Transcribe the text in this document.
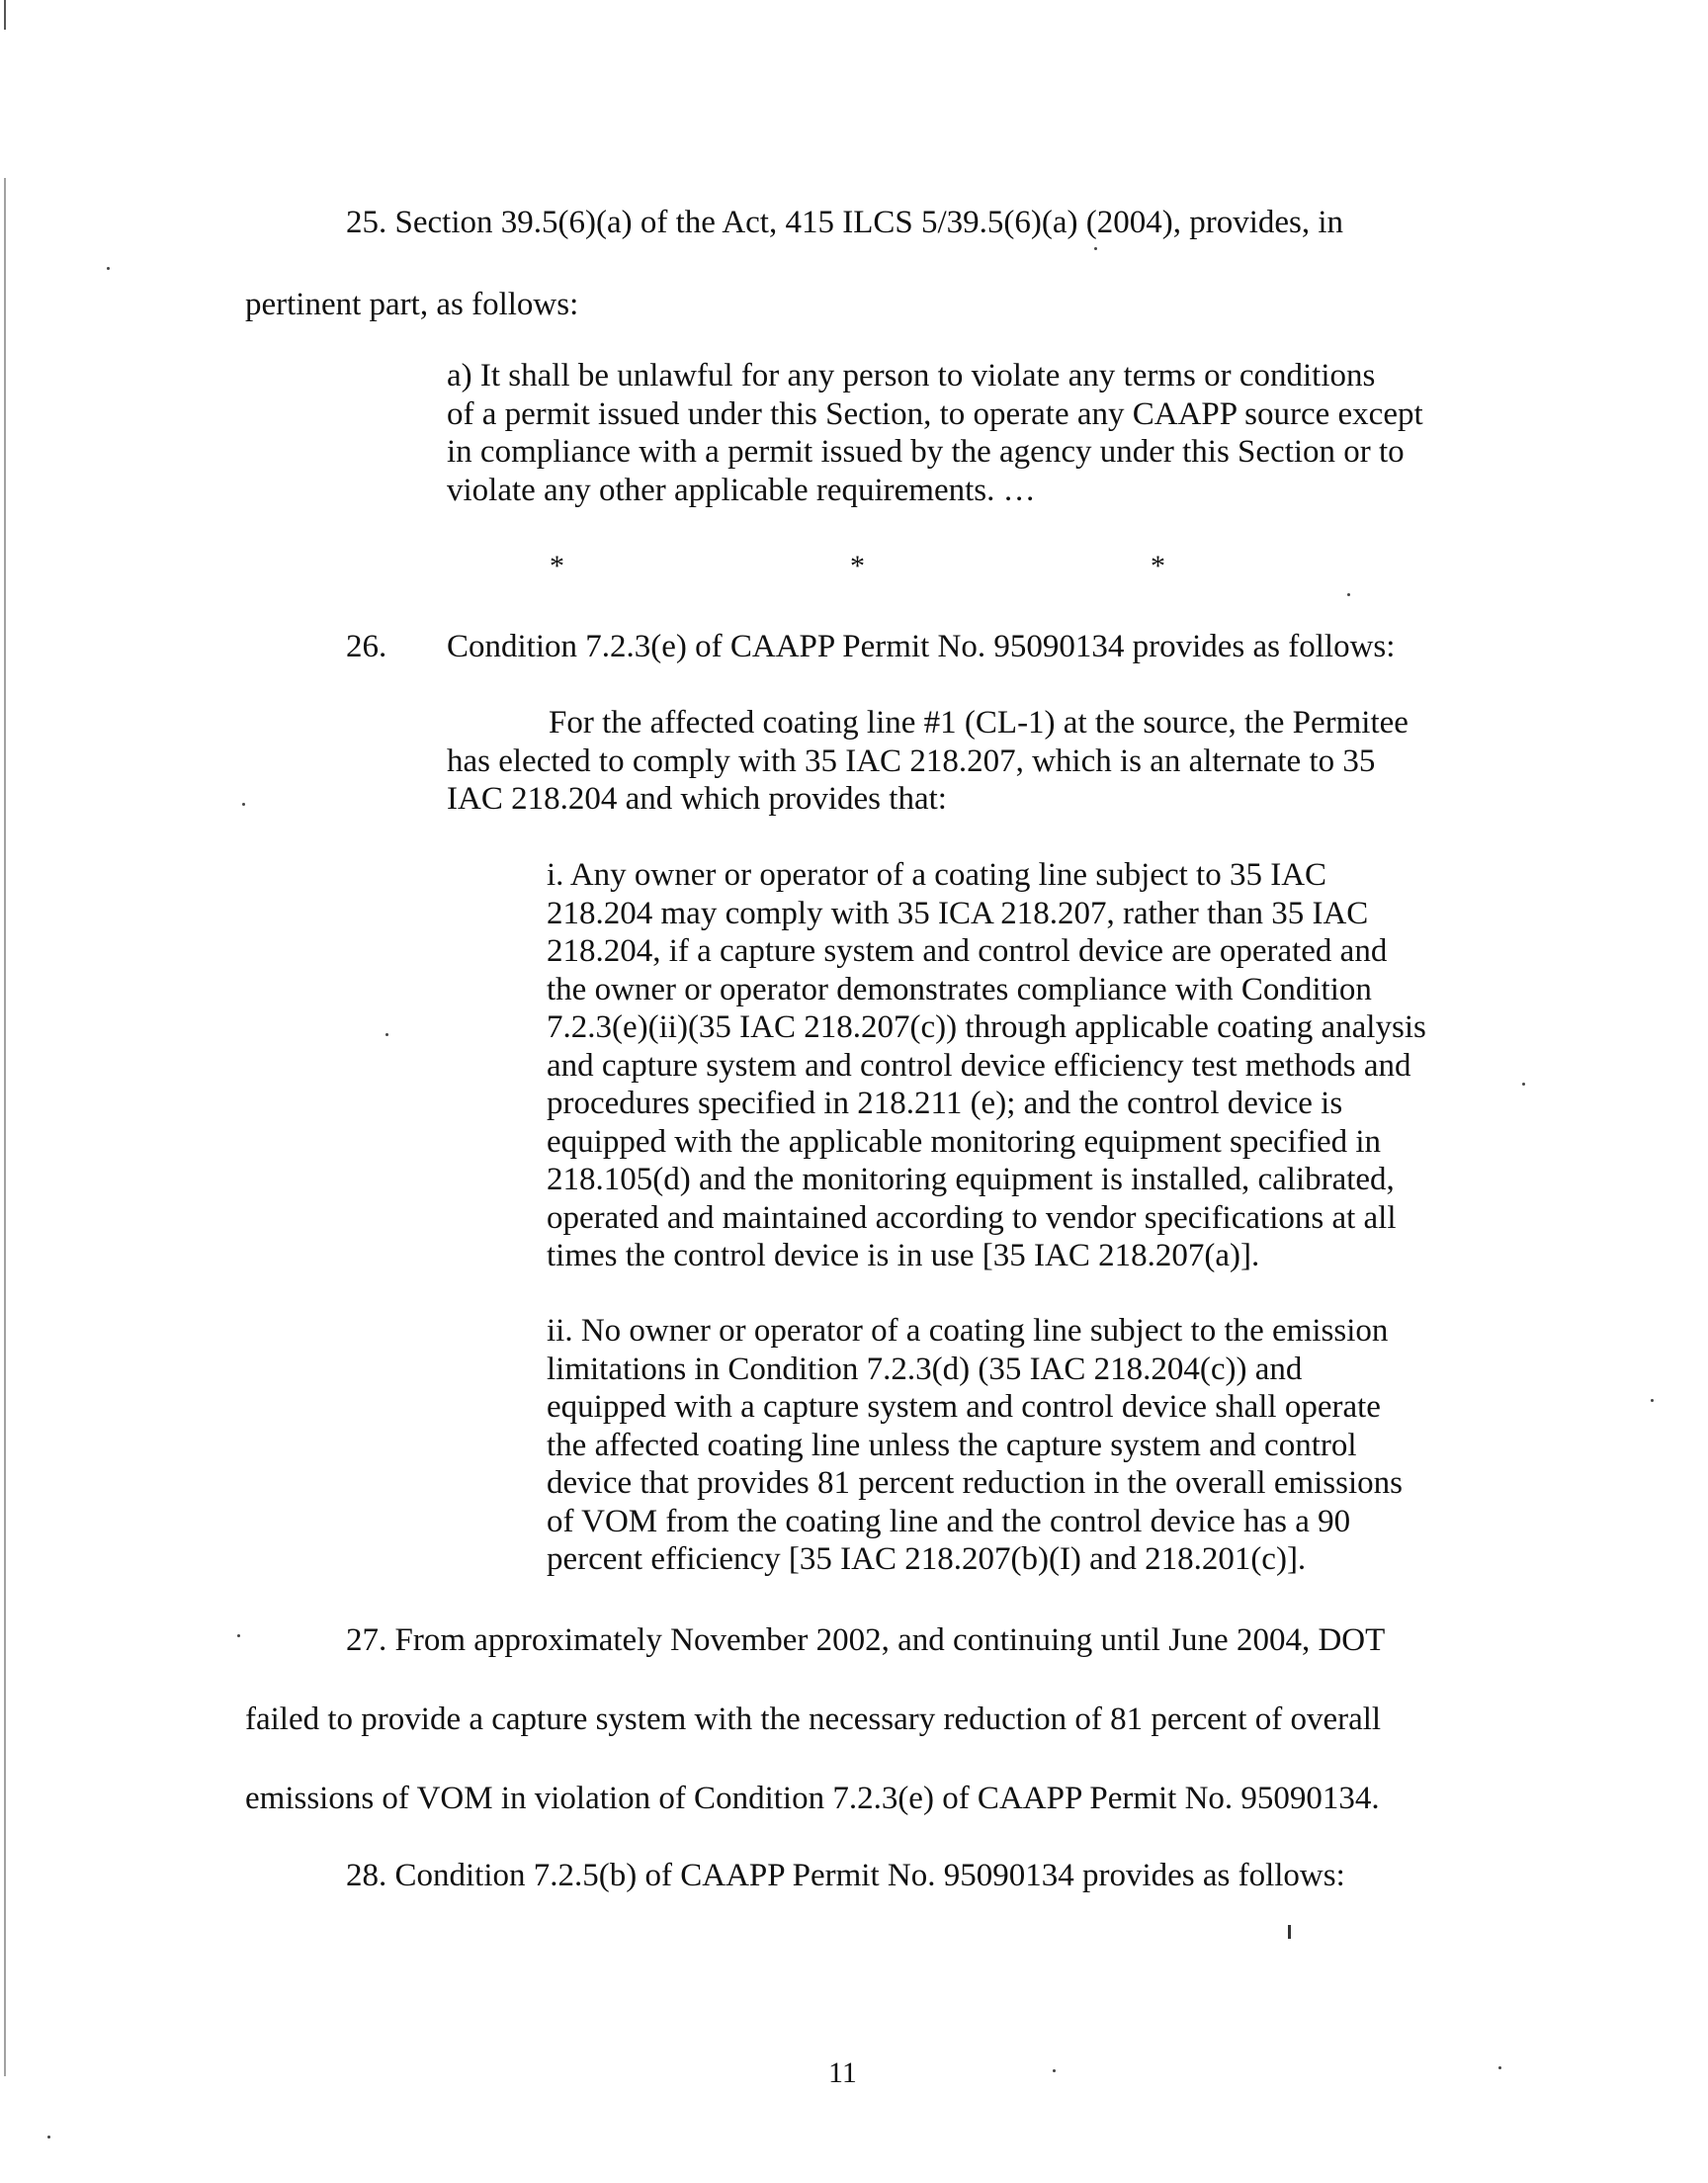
25. Section 39.5(6)(a) of the Act, 415 ILCS 5/39.5(6)(a) (2004), provides, in

pertinent part, as follows:

a) It shall be unlawful for any person to violate any terms or conditions
of a permit issued under this Section, to operate any CAAPP source except
in compliance with a permit issued by the agency under this Section or to
violate any other applicable requirements. …
*	*	*

26. Condition 7.2.3(e) of CAAPP Permit No. 95090134 provides as follows:

For the affected coating line #1 (CL-1) at the source, the Permitee
has elected to comply with 35 IAC 218.207, which is an alternate to 35
IAC 218.204 and which provides that:
i. Any owner or operator of a coating line subject to 35 IAC
218.204 may comply with 35 ICA 218.207, rather than 35 IAC
218.204, if a capture system and control device are operated and
the owner or operator demonstrates compliance with Condition
7.2.3(e)(ii)(35 IAC 218.207(c)) through applicable coating analysis
and capture system and control device efficiency test methods and
procedures specified in 218.211 (e); and the control device is
equipped with the applicable monitoring equipment specified in
218.105(d) and the monitoring equipment is installed, calibrated,
operated and maintained according to vendor specifications at all
times the control device is in use [35 IAC 218.207(a)].
ii. No owner or operator of a coating line subject to the emission
limitations in Condition 7.2.3(d) (35 IAC 218.204(c)) and
equipped with a capture system and control device shall operate
the affected coating line unless the capture system and control
device that provides 81 percent reduction in the overall emissions
of VOM from the coating line and the control device has a 90
percent efficiency [35 IAC 218.207(b)(I) and 218.201(c)].

27. From approximately November 2002, and continuing until June 2004, DOT

failed to provide a capture system with the necessary reduction of 81 percent of overall

emissions of VOM in violation of Condition 7.2.3(e) of CAAPP Permit No. 95090134.

28. Condition 7.2.5(b) of CAAPP Permit No. 95090134 provides as follows:

11
